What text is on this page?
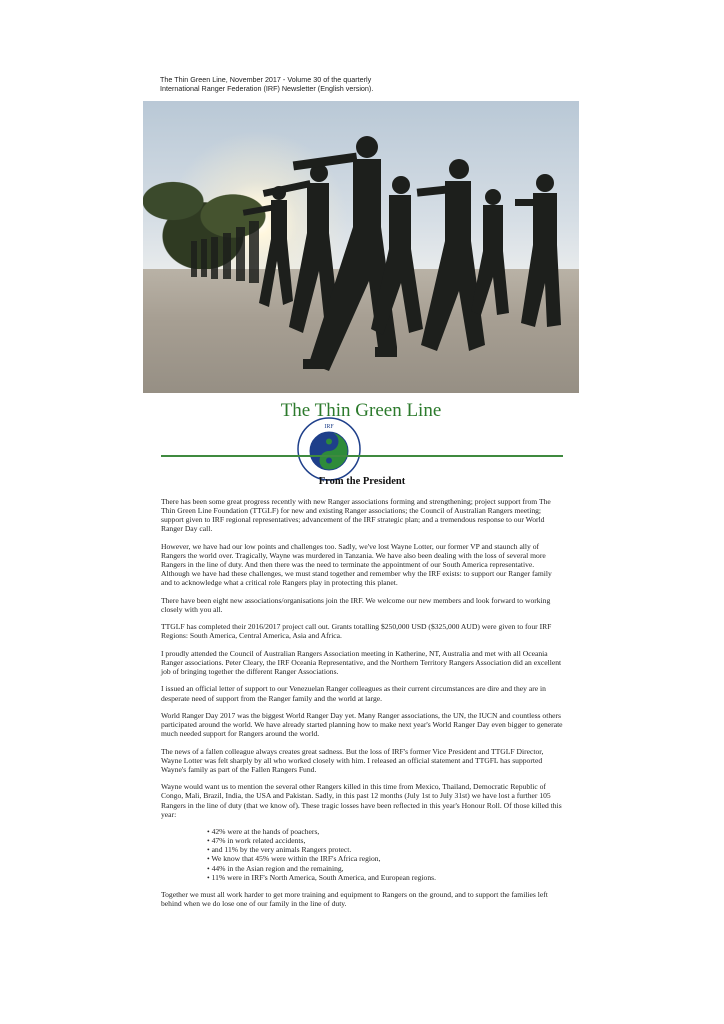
The Thin Green Line, November 2017 - Volume 30 of the quarterly
International Ranger Federation (IRF) Newsletter (English version).
IRF
The Thin Green Line
From the President

There has been some great progress recently with new Ranger associations forming and strengthening; project support from The Thin Green Line Foundation (TTGLF) for new and existing Ranger associations; the Council of Australian Rangers meeting; support given to IRF regional representatives; advancement of the IRF strategic plan; and a tremendous response to our World Ranger Day call.

However, we have had our low points and challenges too. Sadly, we've lost Wayne Lotter, our former VP and staunch ally of Rangers the world over. Tragically, Wayne was murdered in Tanzania. We have also been dealing with the loss of several more Rangers in the line of duty. And then there was the need to terminate the appointment of our South America representative. Although we have had these challenges, we must stand together and remember why the IRF exists: to support our Ranger family and to acknowledge what a critical role Rangers play in protecting this planet.

There have been eight new associations/organisations join the IRF. We welcome our new members and look forward to working closely with you all.

TTGLF has completed their 2016/2017 project call out. Grants totalling $250,000 USD ($325,000 AUD) were given to four IRF Regions: South America, Central America, Asia and Africa.

I proudly attended the Council of Australian Rangers Association meeting in Katherine, NT, Australia and met with all Oceania Ranger associations. Peter Cleary, the IRF Oceania Representative, and the Northern Territory Rangers Association did an excellent job of bringing together the different Ranger Associations.

I issued an official letter of support to our Venezuelan Ranger colleagues as their current circumstances are dire and they are in desperate need of support from the Ranger family and the world at large.

World Ranger Day 2017 was the biggest World Ranger Day yet. Many Ranger associations, the UN, the IUCN and countless others participated around the world. We have already started planning how to make next year's World Ranger Day even bigger to generate much needed support for Rangers around the world.

The news of a fallen colleague always creates great sadness. But the loss of IRF's former Vice President and TTGLF Director, Wayne Lotter was felt sharply by all who worked closely with him. I released an official statement and TTGFL has supported Wayne's family as part of the Fallen Rangers Fund.

Wayne would want us to mention the several other Rangers killed in this time from Mexico, Thailand, Democratic Republic of Congo, Mali, Brazil, India, the USA and Pakistan. Sadly, in this past 12 months (July 1st to July 31st) we have lost a further 105 Rangers in the line of duty (that we know of). These tragic losses have been reflected in this year's Honour Roll. Of those killed this year:

• 42% were at the hands of poachers,
• 47% in work related accidents,
• and 11% by the very animals Rangers protect.
• We know that 45% were within the IRF's Africa region,
• 44% in the Asian region and the remaining,
• 11% were in IRF's North America, South America, and European regions.

Together we must all work harder to get more training and equipment to Rangers on the ground, and to support the families left behind when we do lose one of our family in the line of duty.
